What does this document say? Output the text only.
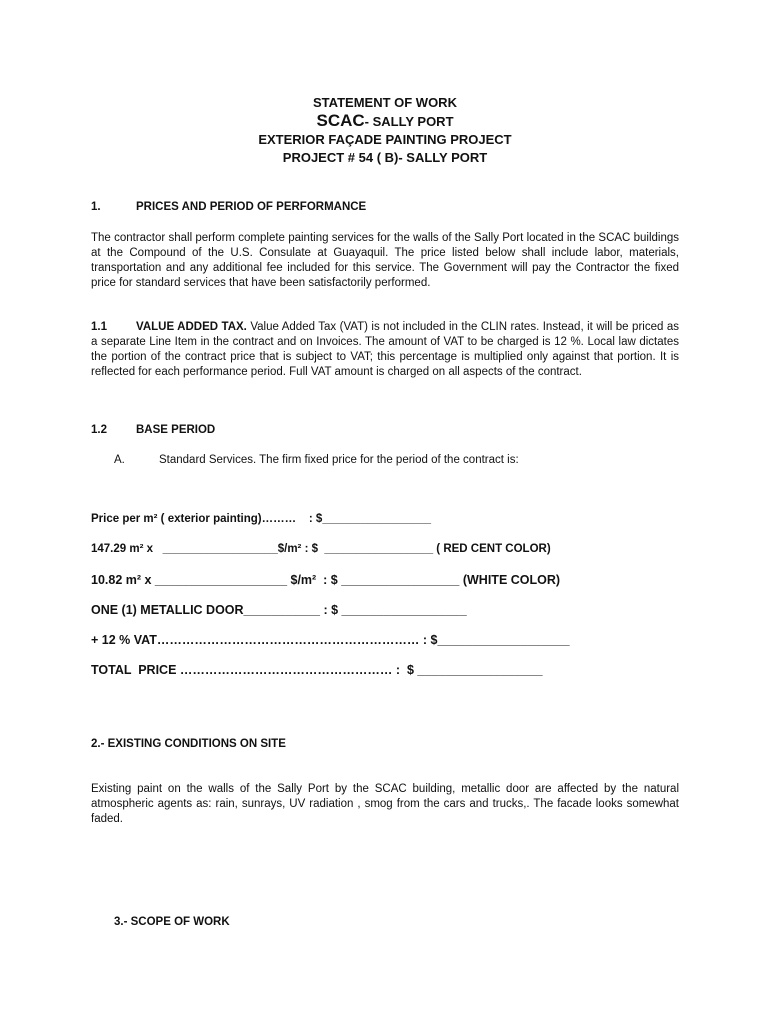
STATEMENT OF WORK
SCAC- SALLY PORT
EXTERIOR FAÇADE PAINTING PROJECT
PROJECT # 54 ( B)- SALLY PORT
1.	PRICES AND PERIOD OF PERFORMANCE
The contractor shall perform complete painting services for the walls of the Sally Port located in the SCAC buildings at the Compound of the U.S. Consulate at Guayaquil. The price listed below shall include labor, materials, transportation and any additional fee included for this service. The Government will pay the Contractor the fixed price for standard services that have been satisfactorily performed.
1.1	VALUE ADDED TAX. Value Added Tax (VAT) is not included in the CLIN rates. Instead, it will be priced as a separate Line Item in the contract and on Invoices. The amount of VAT to be charged is 12 %. Local law dictates the portion of the contract price that is subject to VAT; this percentage is multiplied only against that portion. It is reflected for each performance period. Full VAT amount is charged on all aspects of the contract.
1.2	BASE PERIOD
A.	Standard Services. The firm fixed price for the period of the contract is:
Price per m² ( exterior painting)………    : $_________________
147.29 m² x   __________________$/m² : $  _________________ ( RED CENT COLOR)
10.82 m² x ___________________ $/m²  : $ _________________ (WHITE COLOR)
ONE (1) METALLIC DOOR___________ : $ __________________
+ 12 % VAT……………………………………………………… : $___________________
TOTAL  PRICE …………………………………………… :  $ __________________
2.- EXISTING CONDITIONS ON SITE
Existing paint on the walls of the Sally Port by the SCAC building, metallic door are affected by the natural atmospheric agents as: rain, sunrays, UV radiation , smog from the cars and trucks,. The facade looks somewhat faded.
3.- SCOPE OF WORK
